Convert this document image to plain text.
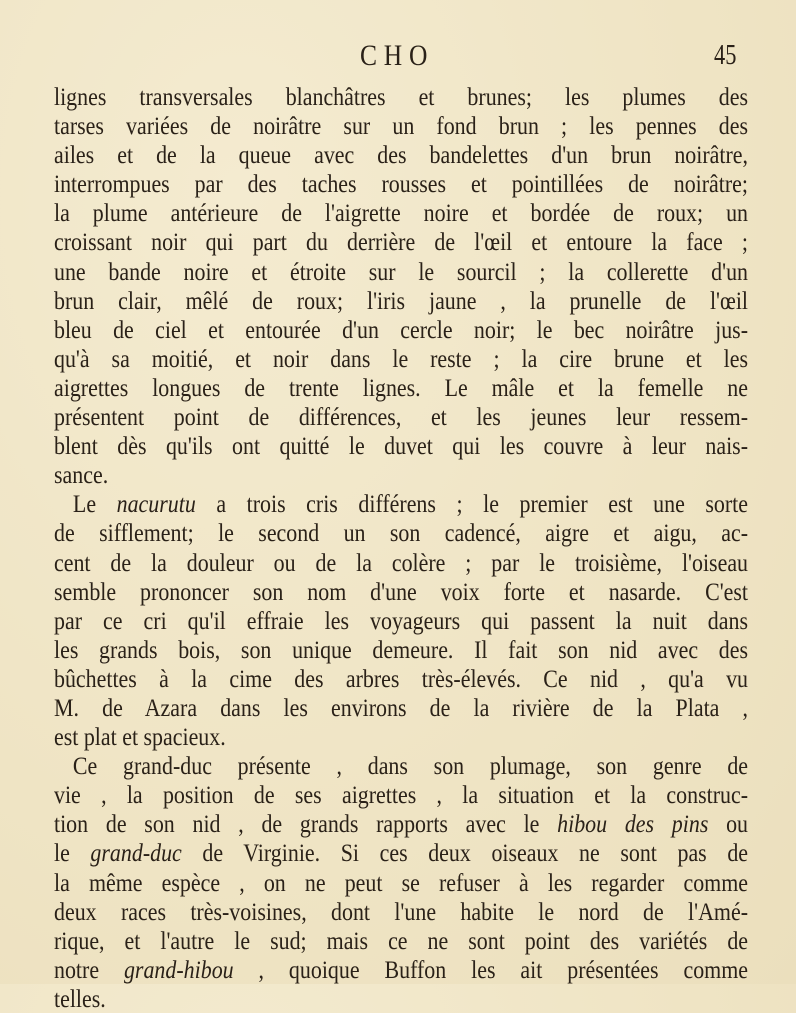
CHO	45
lignes transversales blanchâtres et brunes; les plumes des
tarses variées de noirâtre sur un fond brun ; les pennes des
ailes et de la queue avec des bandelettes d'un brun noirâtre,
interrompues par des taches rousses et pointillées de noirâtre;
la plume antérieure de l'aigrette noire et bordée de roux; un
croissant noir qui part du derrière de l'œil et entoure la face ;
une bande noire et étroite sur le sourcil ; la collerette d'un
brun clair, mêlé de roux; l'iris jaune , la prunelle de l'œil
bleu de ciel et entourée d'un cercle noir; le bec noirâtre jus-
qu'à sa moitié, et noir dans le reste ; la cire brune et les
aigrettes longues de trente lignes. Le mâle et la femelle ne
présentent point de différences, et les jeunes leur ressem-
blent dès qu'ils ont quitté le duvet qui les couvre à leur nais-
sance.
Le nacurutu a trois cris différens ; le premier est une sorte
de sifflement; le second un son cadencé, aigre et aigu, ac-
cent de la douleur ou de la colère ; par le troisième, l'oiseau
semble prononcer son nom d'une voix forte et nasarde. C'est
par ce cri qu'il effraie les voyageurs qui passent la nuit dans
les grands bois, son unique demeure. Il fait son nid avec des
bûchettes à la cime des arbres très-élevés. Ce nid , qu'a vu
M. de Azara dans les environs de la rivière de la Plata ,
est plat et spacieux.
Ce grand-duc présente , dans son plumage, son genre de
vie , la position de ses aigrettes , la situation et la construc-
tion de son nid , de grands rapports avec le hibou des pins ou
le grand-duc de Virginie. Si ces deux oiseaux ne sont pas de
la même espèce , on ne peut se refuser à les regarder comme
deux races très-voisines, dont l'une habite le nord de l'Amé-
rique, et l'autre le sud; mais ce ne sont point des variétés de
notre grand-hibou , quoique Buffon les ait présentées comme
telles.
